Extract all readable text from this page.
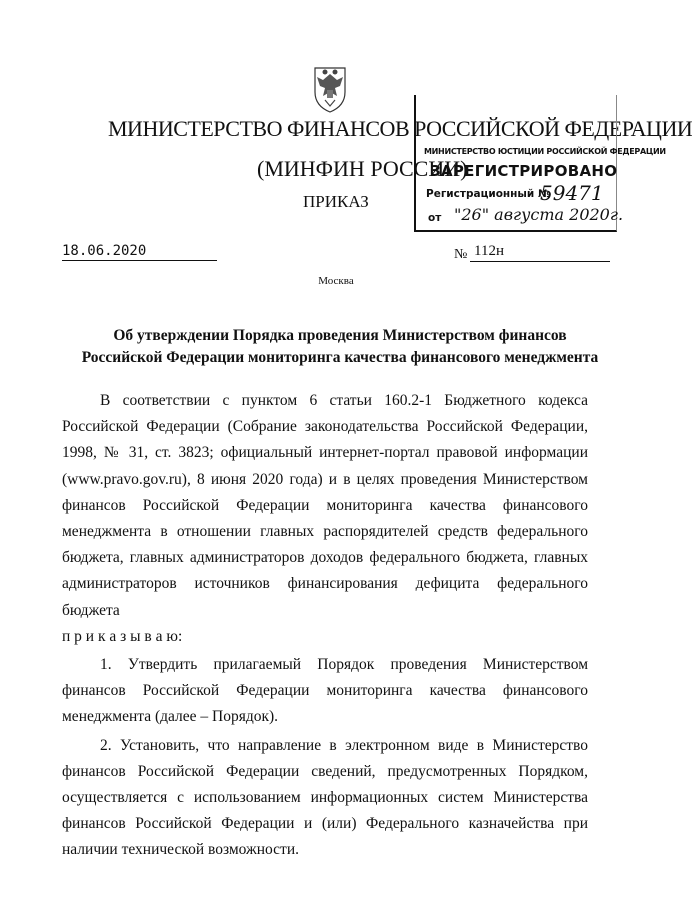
МИНИСТЕРСТВО ФИНАНСОВ РОССИЙСКОЙ ФЕДЕРАЦИИ
(МИНФИН РОССИИ)
ПРИКАЗ
МИНИСТЕРСТВО ЮСТИЦИИ РОССИЙСКОЙ ФЕДЕРАЦИИ
ЗАРЕГИСТРИРОВАНО
Регистрационный №
59471
от "26" августа 2020г.
18.06.2020	№ 112н
Москва
Об утверждении Порядка проведения Министерством финансов
Российской Федерации мониторинга качества финансового менеджмента

В соответствии с пунктом 6 статьи 160.2-1 Бюджетного кодекса Российской Федерации (Собрание законодательства Российской Федерации, 1998, № 31, ст. 3823; официальный интернет-портал правовой информации (www.pravo.gov.ru), 8 июня 2020 года) и в целях проведения Министерством финансов Российской Федерации мониторинга качества финансового менеджмента в отношении главных распорядителей средств федерального бюджета, главных администраторов доходов федерального бюджета, главных администраторов источников финансирования дефицита федерального бюджета

п р и к а з ы в а ю:

1. Утвердить прилагаемый Порядок проведения Министерством финансов Российской Федерации мониторинга качества финансового менеджмента (далее – Порядок).

2. Установить, что направление в электронном виде в Министерство финансов Российской Федерации сведений, предусмотренных Порядком, осуществляется с использованием информационных систем Министерства финансов Российской Федерации и (или) Федерального казначейства при наличии технической возможности.
